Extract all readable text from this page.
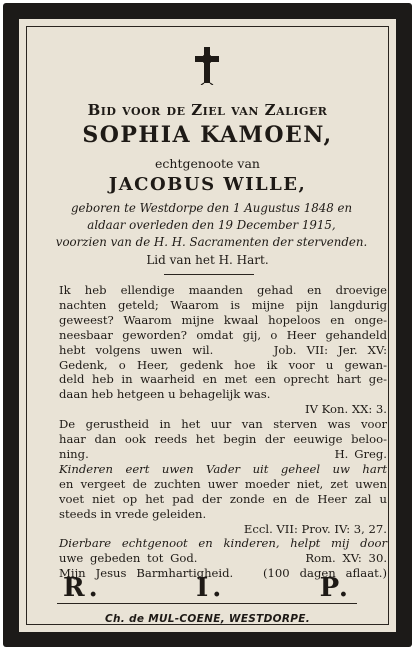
Bid voor de Ziel van Zaliger
SOPHIA KAMOEN,
echtgenoote van
JACOBUS WILLE,
geboren te Westdorpe den 1 Augustus 1848 en
aldaar overleden den 19 December 1915,
voorzien van de H. H. Sacramenten der stervenden.
Lid van het H. Hart.
Ik heb ellendige maanden gehad en droevige
nachten geteld; Waarom is mijne pijn langdurig
geweest? Waarom mijne kwaal hopeloos en onge-
neesbaar geworden? omdat gij, o Heer gehandeld
hebt volgens uwen wil.      Job. VII: Jer. XV:
Gedenk, o Heer, gedenk hoe ik voor u gewan-
deld heb in waarheid en met een oprecht hart ge-
daan heb hetgeen u behagelijk was.
IV Kon. XX: 3.
De gerustheid in het uur van sterven was voor
haar dan ook reeds het begin der eeuwige beloo-
ning.                                          H. Greg.
Kinderen eert uwen Vader uit geheel uw hart
en vergeet de zuchten uwer moeder niet, zet uwen
voet niet op het pad der zonde en de Heer zal u
steeds in vrede geleiden.
Eccl. VII: Prov. IV: 3, 27.
Dierbare echtgenoot en kinderen, helpt mij door
uwe gebeden tot God.                Rom. XV: 30.
Mijn Jesus Barmhartigheid.   (100 dagen aflaat.)
R.	I.	P.
Ch. de MUL-COENE, WESTDORPE.
